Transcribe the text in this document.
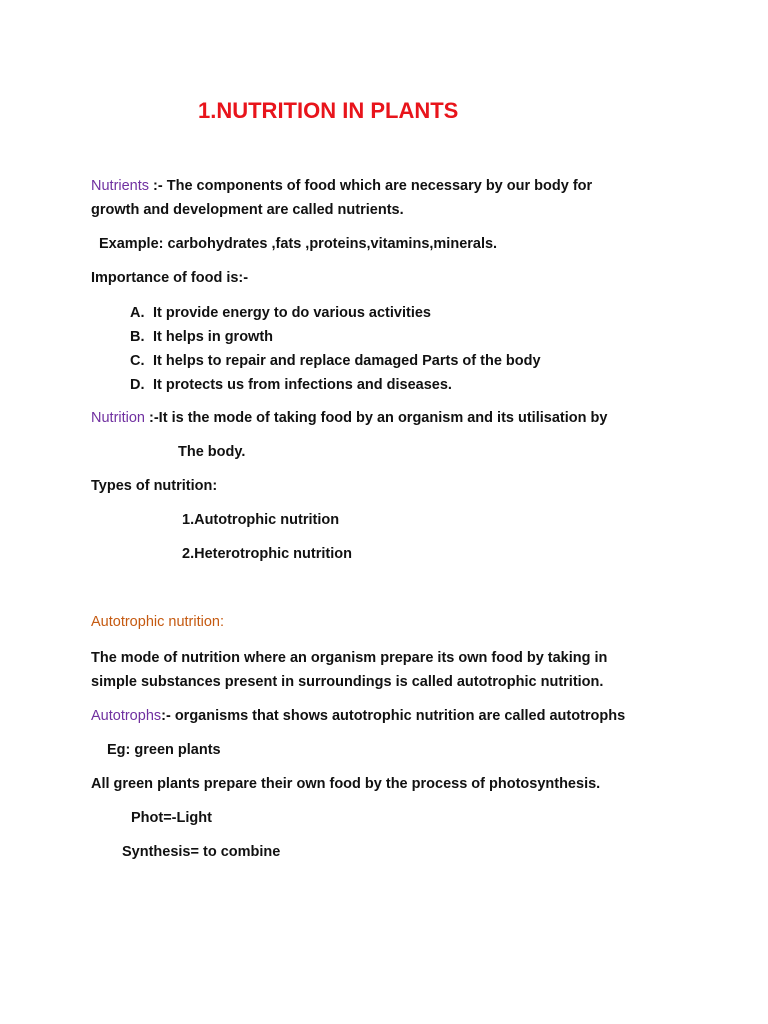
1.NUTRITION IN PLANTS
Nutrients :- The components of food which are necessary by our body for
growth and development are called nutrients.
Example: carbohydrates ,fats ,proteins,vitamins,minerals.
Importance of food is:-
A. It provide energy to do various activities
B. It helps in growth
C. It helps to repair and replace damaged Parts of the body
D. It protects us from infections and diseases.
Nutrition :-It is the mode of taking food by an organism and its utilisation by
The body.
Types of nutrition:
1.Autotrophic nutrition
2.Heterotrophic nutrition
Autotrophic nutrition:
The mode of nutrition where an organism prepare its own food by taking in
simple substances present in surroundings is called autotrophic nutrition.
Autotrophs:- organisms that shows autotrophic nutrition are called autotrophs
Eg: green plants
All green plants prepare their own food by the process of photosynthesis.
Phot=-Light
Synthesis= to combine
